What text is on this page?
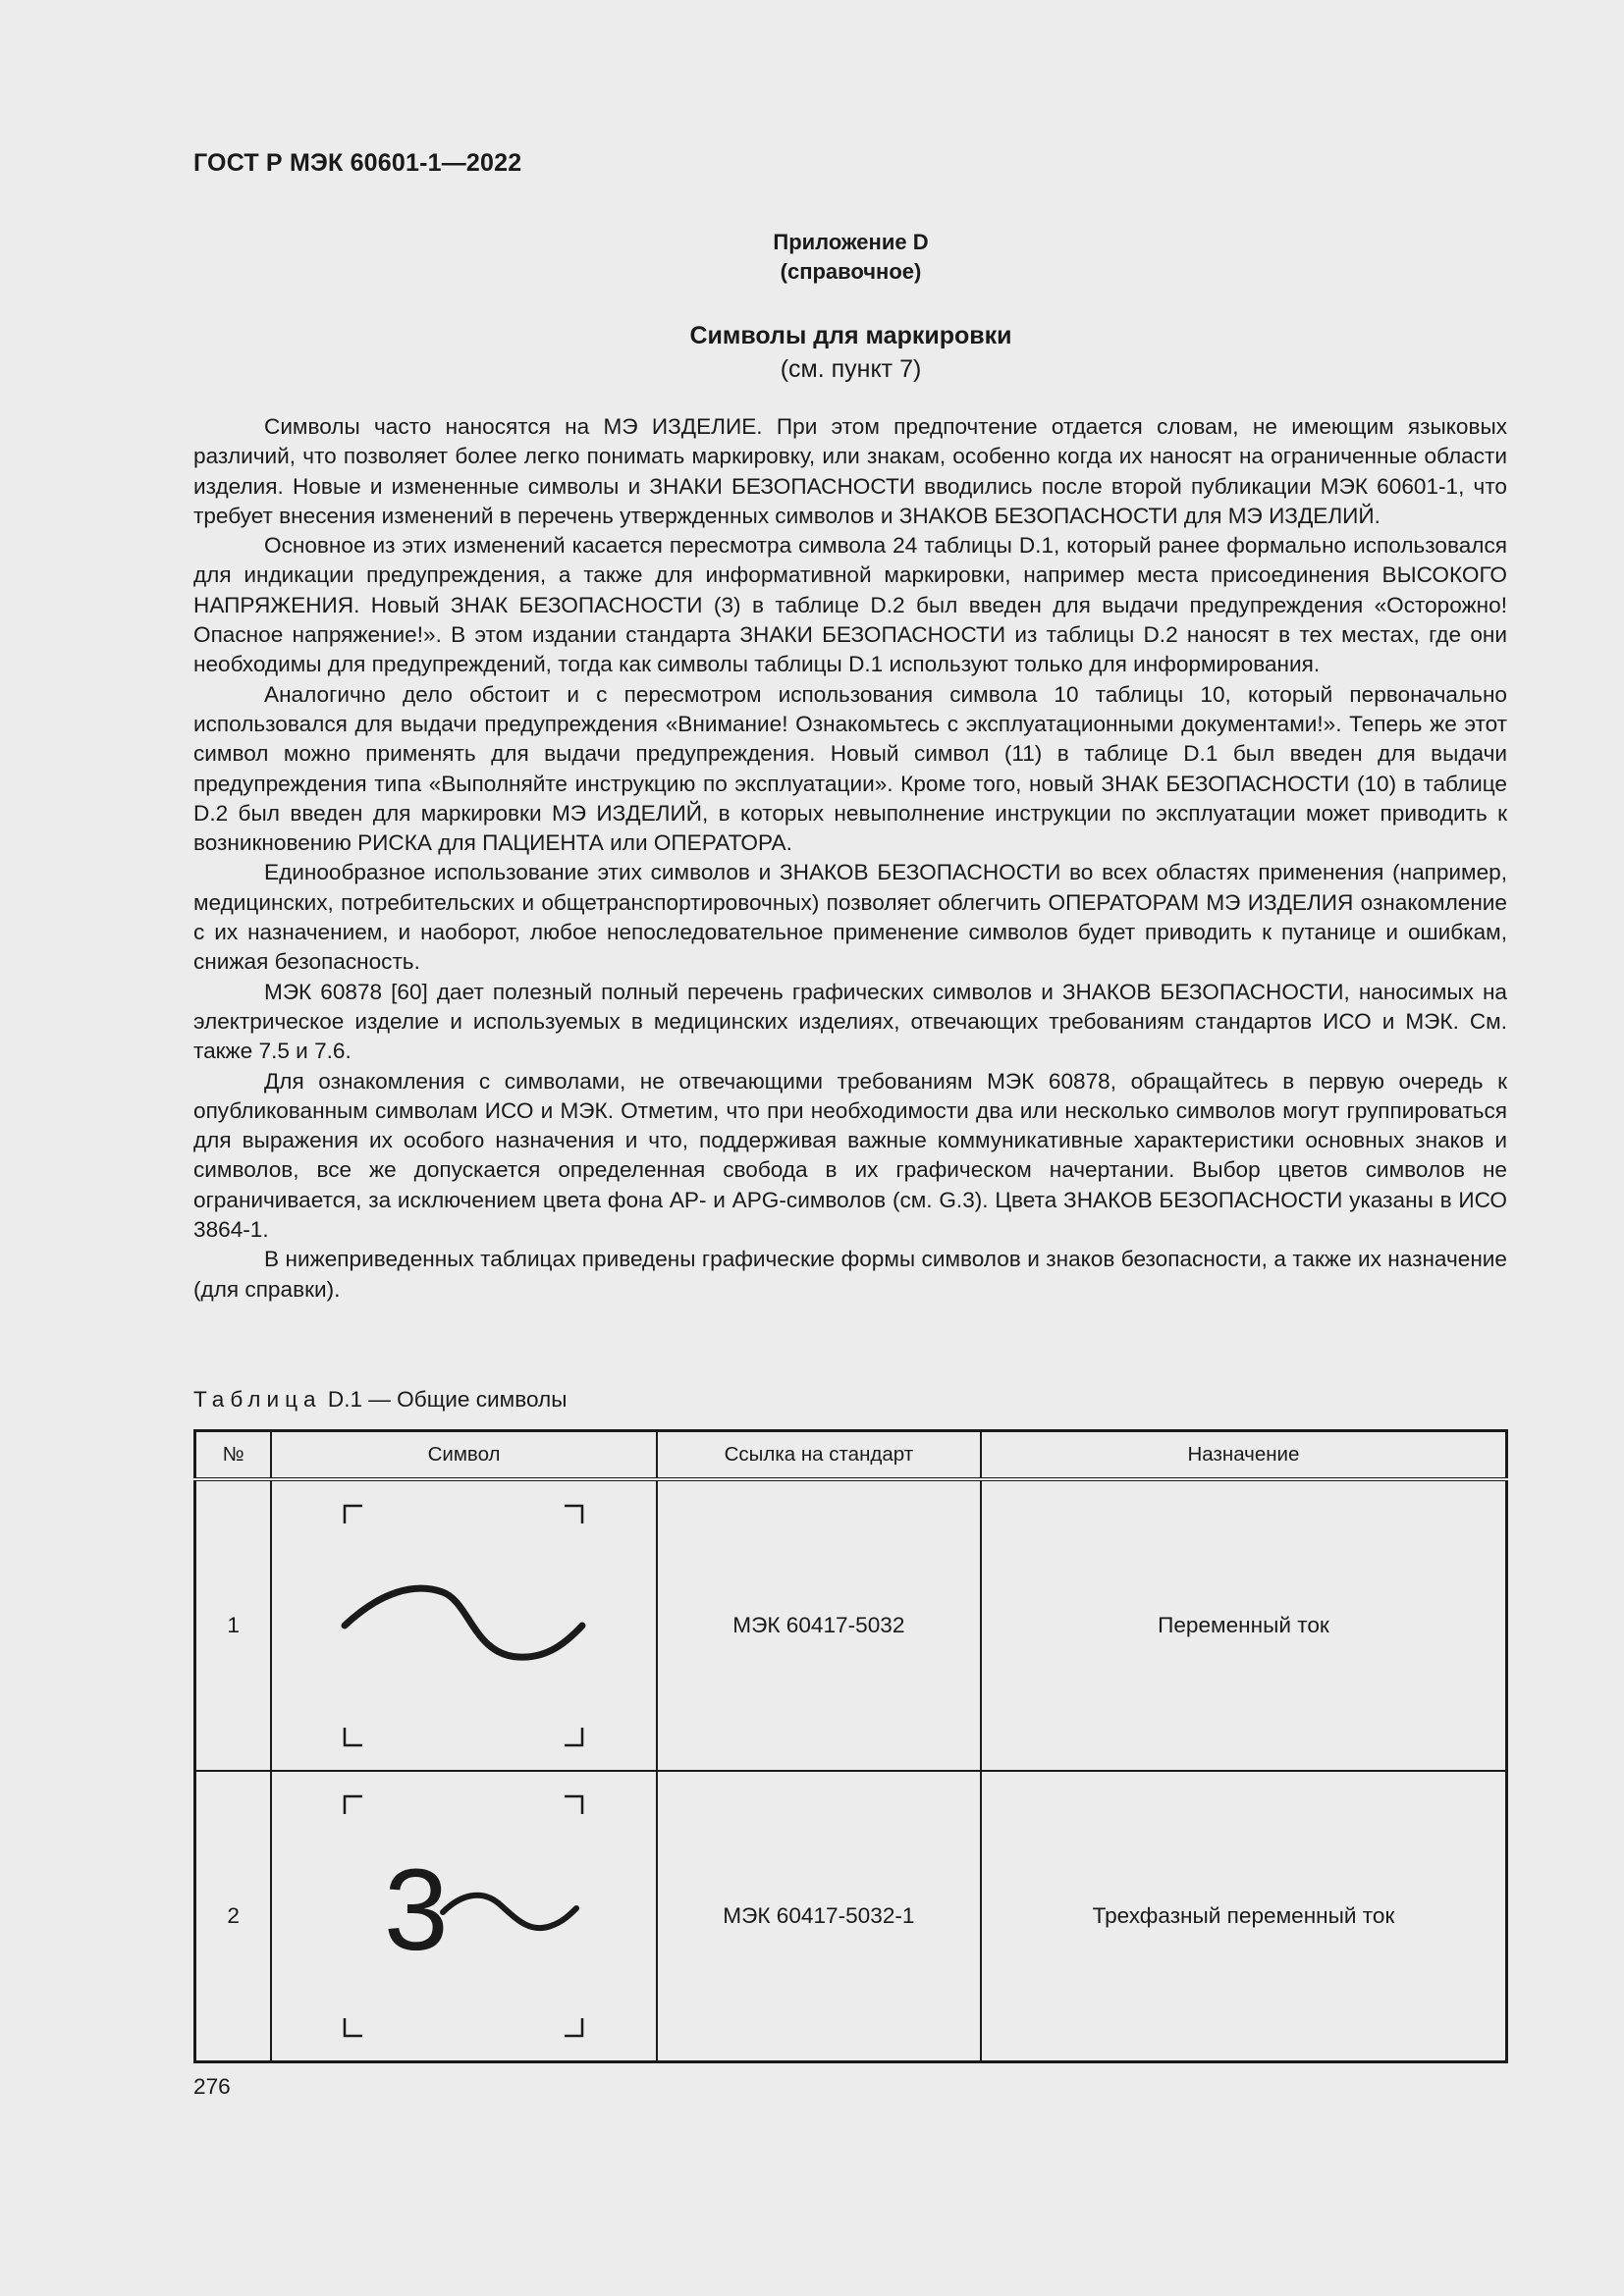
ГОСТ Р МЭК 60601-1—2022
Приложение D
(справочное)
Символы для маркировки
(см. пункт 7)

Символы часто наносятся на МЭ ИЗДЕЛИЕ. При этом предпочтение отдается словам, не имеющим языковых различий, что позволяет более легко понимать маркировку, или знакам, особенно когда их наносят на ограниченные области изделия. Новые и измененные символы и ЗНАКИ БЕЗОПАСНОСТИ вводились после второй публикации МЭК 60601-1, что требует внесения изменений в перечень утвержденных символов и ЗНАКОВ БЕЗОПАСНОСТИ для МЭ ИЗДЕЛИЙ.

Основное из этих изменений касается пересмотра символа 24 таблицы D.1, который ранее формально использовался для индикации предупреждения, а также для информативной маркировки, например места присоединения ВЫСОКОГО НАПРЯЖЕНИЯ. Новый ЗНАК БЕЗОПАСНОСТИ (3) в таблице D.2 был введен для выдачи предупреждения «Осторожно! Опасное напряжение!». В этом издании стандарта ЗНАКИ БЕЗОПАСНОСТИ из таблицы D.2 наносят в тех местах, где они необходимы для предупреждений, тогда как символы таблицы D.1 используют только для информирования.

Аналогично дело обстоит и с пересмотром использования символа 10 таблицы 10, который первоначально использовался для выдачи предупреждения «Внимание! Ознакомьтесь с эксплуатационными документами!». Теперь же этот символ можно применять для выдачи предупреждения. Новый символ (11) в таблице D.1 был введен для выдачи предупреждения типа «Выполняйте инструкцию по эксплуатации». Кроме того, новый ЗНАК БЕЗОПАСНОСТИ (10) в таблице D.2 был введен для маркировки МЭ ИЗДЕЛИЙ, в которых невыполнение инструкции по эксплуатации может приводить к возникновению РИСКА для ПАЦИЕНТА или ОПЕРАТОРА.

Единообразное использование этих символов и ЗНАКОВ БЕЗОПАСНОСТИ во всех областях применения (например, медицинских, потребительских и общетранспортировочных) позволяет облегчить ОПЕРАТОРАМ МЭ ИЗДЕЛИЯ ознакомление с их назначением, и наоборот, любое непоследовательное применение символов будет приводить к путанице и ошибкам, снижая безопасность.

МЭК 60878 [60] дает полезный полный перечень графических символов и ЗНАКОВ БЕЗОПАСНОСТИ, наносимых на электрическое изделие и используемых в медицинских изделиях, отвечающих требованиям стандартов ИСО и МЭК. См. также 7.5 и 7.6.

Для ознакомления с символами, не отвечающими требованиям МЭК 60878, обращайтесь в первую очередь к опубликованным символам ИСО и МЭК. Отметим, что при необходимости два или несколько символов могут группироваться для выражения их особого назначения и что, поддерживая важные коммуникативные характеристики основных знаков и символов, все же допускается определенная свобода в их графическом начертании. Выбор цветов символов не ограничивается, за исключением цвета фона AP- и APG-символов (см. G.3). Цвета ЗНАКОВ БЕЗОПАСНОСТИ указаны в ИСО 3864-1.

В нижеприведенных таблицах приведены графические формы символов и знаков безопасности, а также их назначение (для справки).

Таблица D.1 — Общие символы
№	Символ	Ссылка на стандарт	Назначение
1		МЭК 60417-5032	Переменный ток
2	3	МЭК 60417-5032-1	Трехфазный переменный ток
276
